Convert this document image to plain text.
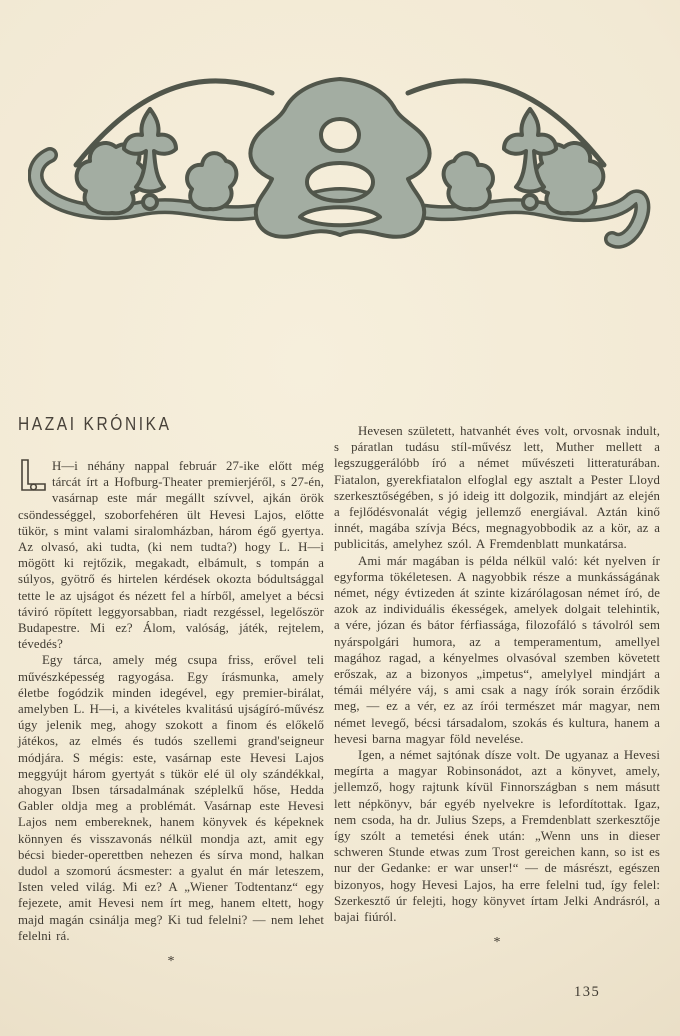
HAZAI KRÓNIKA

H—i néhány nappal február 27-ike előtt még tárcát írt a Hofburg-Theater premierjéről, s 27-én, vasárnap este már megállt szívvel, ajkán örök csöndességgel, szoborfehéren ült Hevesi Lajos, előtte tükör, s mint valami siralomházban, három égő gyertya. Az olvasó, aki tudta, (ki nem tudta?) hogy L. H—i mögött ki rejtőzik, megakadt, elbámult, s tompán a súlyos, gyötrő és hirtelen kérdések okozta bódultsággal tette le az ujságot és nézett fel a hírből, amelyet a bécsi táviró röpített leggyorsabban, riadt rezgéssel, legelőször Budapestre. Mi ez? Álom, valóság, játék, rejtelem, tévedés?

Egy tárca, amely még csupa friss, erővel teli művészképesség ragyogása. Egy írásmunka, amely életbe fogódzik minden idegével, egy premier-birálat, amelyben L. H—i, a kivételes kvalitású ujságíró-művész úgy jelenik meg, ahogy szokott a finom és előkelő játékos, az elmés és tudós szellemi grand'seigneur módjára. S mégis: este, vasárnap este Hevesi Lajos meggyújt három gyertyát s tükör elé ül oly szándékkal, ahogyan Ibsen társadalmának széplelkű hőse, Hedda Gabler oldja meg a problémát. Vasárnap este Hevesi Lajos nem embereknek, hanem könyvek és képeknek könnyen és visszavonás nélkül mondja azt, amit egy bécsi bieder-operettben nehezen és sírva mond, halkan dudol a szomorú ácsmester: a gyalut én már leteszem, Isten veled világ. Mi ez? A „Wiener Todtentanz“ egy fejezete, amit Hevesi nem írt meg, hanem eltett, hogy majd magán csinálja meg? Ki tud felelni? — nem lehet felelni rá.

*

Hevesen született, hatvanhét éves volt, orvosnak indult, s páratlan tudásu stíl-művész lett, Muther mellett a legszuggerálóbb író a német művészeti litteraturában. Fiatalon, gyerekfiatalon elfoglal egy asztalt a Pester Lloyd szerkesztőségében, s jó ideig itt dolgozik, mindjárt az elején a fejlődésvonalát végig jellemző energiával. Aztán kinő innét, magába szívja Bécs, megnagyobbodik az a kör, az a publicitás, amelyhez szól. A Fremdenblatt munkatársa.

Ami már magában is példa nélkül való: két nyelven ír egyforma tökéletesen. A nagyobbik része a munkásságának német, négy évtizeden át szinte kizárólagosan német író, de azok az individuális ékességek, amelyek dolgait telehintik, a vére, józan és bátor férfiassága, filozofáló s távolról sem nyárspolgári humora, az a temperamentum, amellyel magához ragad, a kényelmes olvasóval szemben követett erőszak, az a bizonyos „impetus“, amelylyel mindjárt a témái mélyére váj, s ami csak a nagy írók sorain érződik meg, — ez a vér, ez az írói természet már magyar, nem német levegő, bécsi társadalom, szokás és kultura, hanem a hevesi barna magyar föld nevelése.

Igen, a német sajtónak dísze volt. De ugyanaz a Hevesi megírta a magyar Robinsonádot, azt a könyvet, amely, jellemző, hogy rajtunk kívül Finnországban s nem másutt lett népkönyv, bár egyéb nyelvekre is lefordítottak. Igaz, nem csoda, ha dr. Julius Szeps, a Fremdenblatt szerkesztője így szólt a temetési ének után: „Wenn uns in dieser schweren Stunde etwas zum Trost gereichen kann, so ist es nur der Gedanke: er war unser!“ — de másrészt, egészen bizonyos, hogy Hevesi Lajos, ha erre felelni tud, így felel: Szerkesztő úr felejti, hogy könyvet írtam Jelki Andrásról, a bajai fiúról.

*
135
